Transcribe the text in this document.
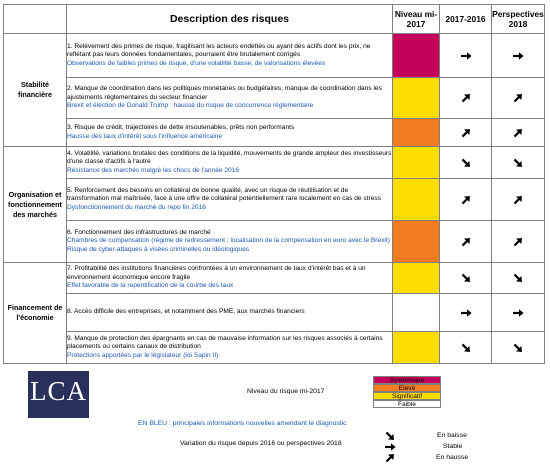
	Description des risques	Niveau mi-2017	2017-2016	Perspectives 2018
Stabilité financière	1. Relèvement des primes de risque, fragilisant les acteurs endettés ou ayant des actifs dont les prix, ne reflétant pas leurs données fondamentales, pourraient être brutalement corrigés
Observations de faibles primes de risque, d'une volatilité basse, de valorisations élevées

	2. Manque de coordination dans les politiques monétaires ou budgétaires, manque de coordination dans les ajustements réglementaires du secteur financier
Brexit et élection de Donald Trump : hausse du risque de concurrence réglementaire

	3. Risque de crédit, trajectoires de dette insoutenables, prêts non performants
Hausse des taux d'intérêt sous l'influence américaine

Organisation et fonctionnement des marchés	4. Volatilité, variations brutales des conditions de la liquidité, mouvements de grande ampleur des investisseurs d'une classe d'actifs à l'autre
Résistance des marchés malgré les chocs de l'année 2016

	5. Renforcement des besoins en collatéral de bonne qualité, avec un risque de réutilisation et de transformation mal maîtrisée, face à une offre de collatéral potentiellement rare localement en cas de stress
Dysfonctionnement du marché du repo fin 2016

	6. Fonctionnement des infrastructures de marché
Chambres de compensation (régime de redressement ; localisation de la compensation en euro avec le Brexit)
Risque de cyber-attaques à visées criminelles ou idéologiques

Financement de l'économie	7. Profitabilité des institutions financières confrontées à un environnement de taux d'intérêt bas et à un environnement économique encore fragile
Effet favorable de la repentification de la courbe des taux

	8. Accès difficile des entreprises, et notamment des PME, aux marchés financiers

	9. Manque de protection des épargnants en cas de mauvaise information sur les risques associés à certains placements ou certains canaux de distribution
Protections apportées par le législateur (loi Sapin II)

LCA	Niveau du risque mi-2017
Systémique
Elevé
Significatif
Faible
EN BLEU : principales informations nouvelles amendant le diagnostic
Variation du risque depuis 2016 ou perspectives 2018
En baisse
Stable
En hausse
